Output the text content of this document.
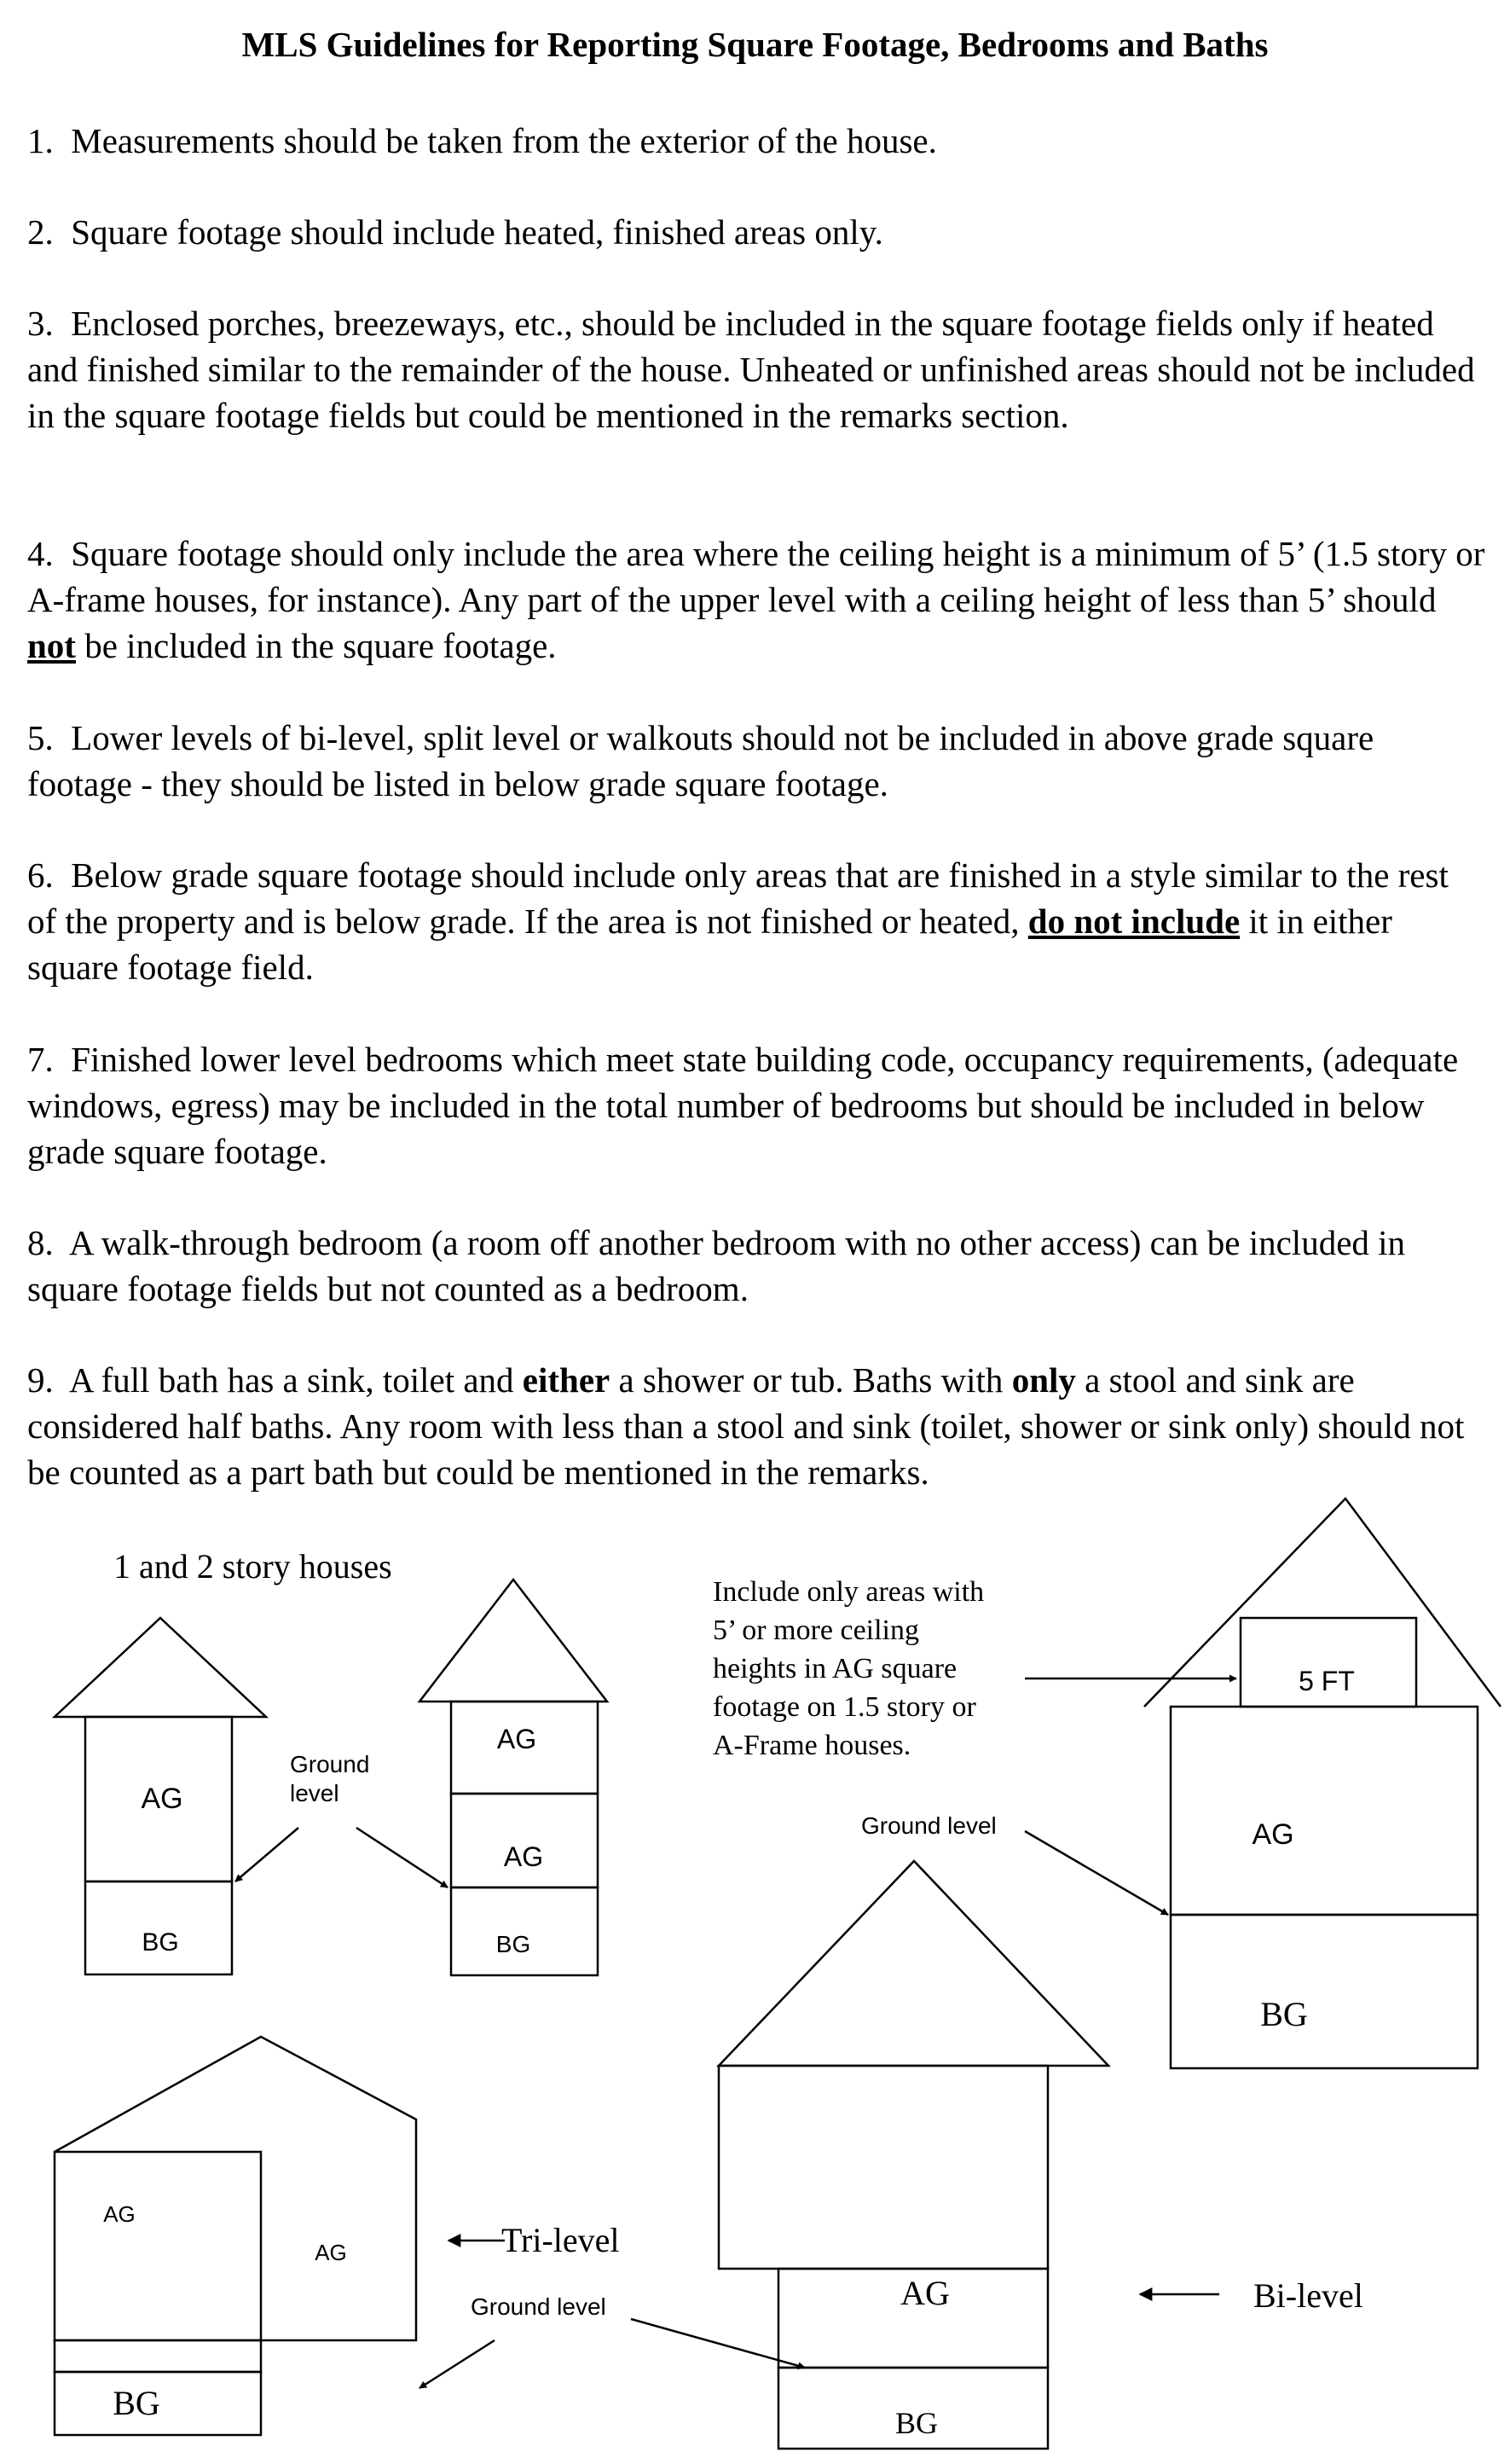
MLS Guidelines for Reporting Square Footage, Bedrooms and Baths

1. Measurements should be taken from the exterior of the house.

2. Square footage should include heated, finished areas only.

3. Enclosed porches, breezeways, etc., should be included in the square footage fields only if heated and finished similar to the remainder of the house. Unheated or unfinished areas should not be included in the square footage fields but could be mentioned in the remarks section.

4. Square footage should only include the area where the ceiling height is a minimum of 5’ (1.5 story or A-frame houses, for instance). Any part of the upper level with a ceiling height of less than 5’ should not be included in the square footage.

5. Lower levels of bi-level, split level or walkouts should not be included in above grade square footage - they should be listed in below grade square footage.

6. Below grade square footage should include only areas that are finished in a style similar to the rest of the property and is below grade. If the area is not finished or heated, do not include it in either square footage field.

7. Finished lower level bedrooms which meet state building code, occupancy requirements, (adequate windows, egress) may be included in the total number of bedrooms but should be included in below grade square footage.

8. A walk-through bedroom (a room off another bedroom with no other access) can be included in square footage fields but not counted as a bedroom.

9. A full bath has a sink, toilet and either a shower or tub. Baths with only a stool and sink are considered half baths. Any room with less than a stool and sink (toilet, shower or sink only) should not be counted as a part bath but could be mentioned in the remarks.

1 and 2 story houses
AG
BG
Ground
level
AG
AG
BG
Include only areas with
5’ or more ceiling
heights in AG square
footage on 1.5 story or
A-Frame houses.
5 FT
AG
BG
Ground level
AG
AG
BG
Tri-level
Ground level	AG
BG
Bi-level
